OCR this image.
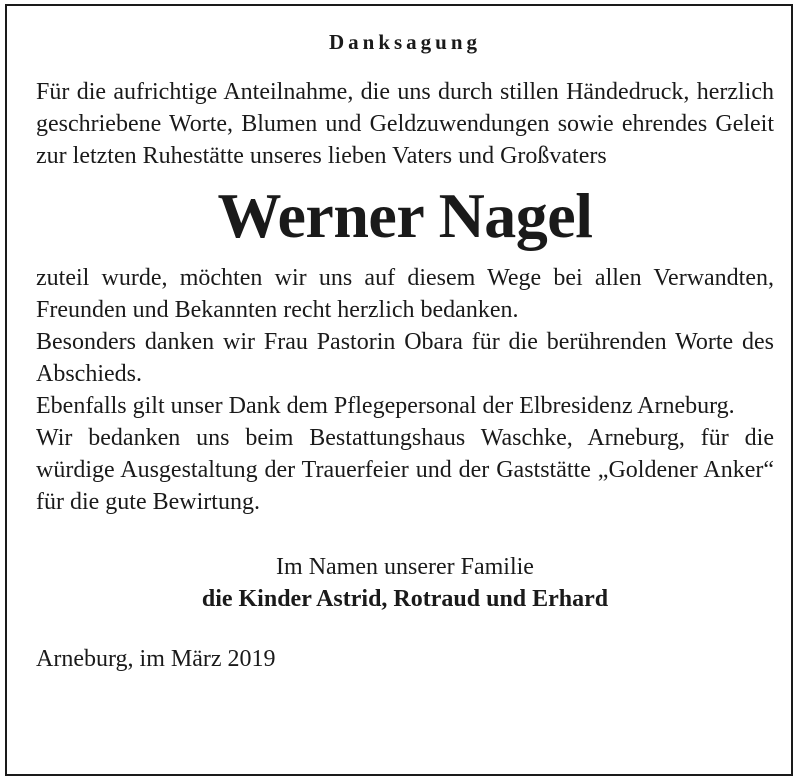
Danksagung

Für die aufrichtige Anteilnahme, die uns durch stillen Händedruck, herzlich geschriebene Worte, Blumen und Geldzuwendungen sowie ehrendes Geleit zur letzten Ruhestätte unseres lieben Vaters und Großvaters

Werner Nagel

zuteil wurde, möchten wir uns auf diesem Wege bei allen Verwandten, Freunden und Bekannten recht herzlich bedanken.

Besonders danken wir Frau Pastorin Obara für die berührenden Worte des Abschieds.

Ebenfalls gilt unser Dank dem Pflegepersonal der Elbresidenz Arneburg.

Wir bedanken uns beim Bestattungshaus Waschke, Arneburg, für die würdige Ausgestaltung der Trauerfeier und der Gaststätte „Goldener Anker“ für die gute Bewirtung.

Im Namen unserer Familie
die Kinder Astrid, Rotraud und Erhard
Arneburg, im März 2019
